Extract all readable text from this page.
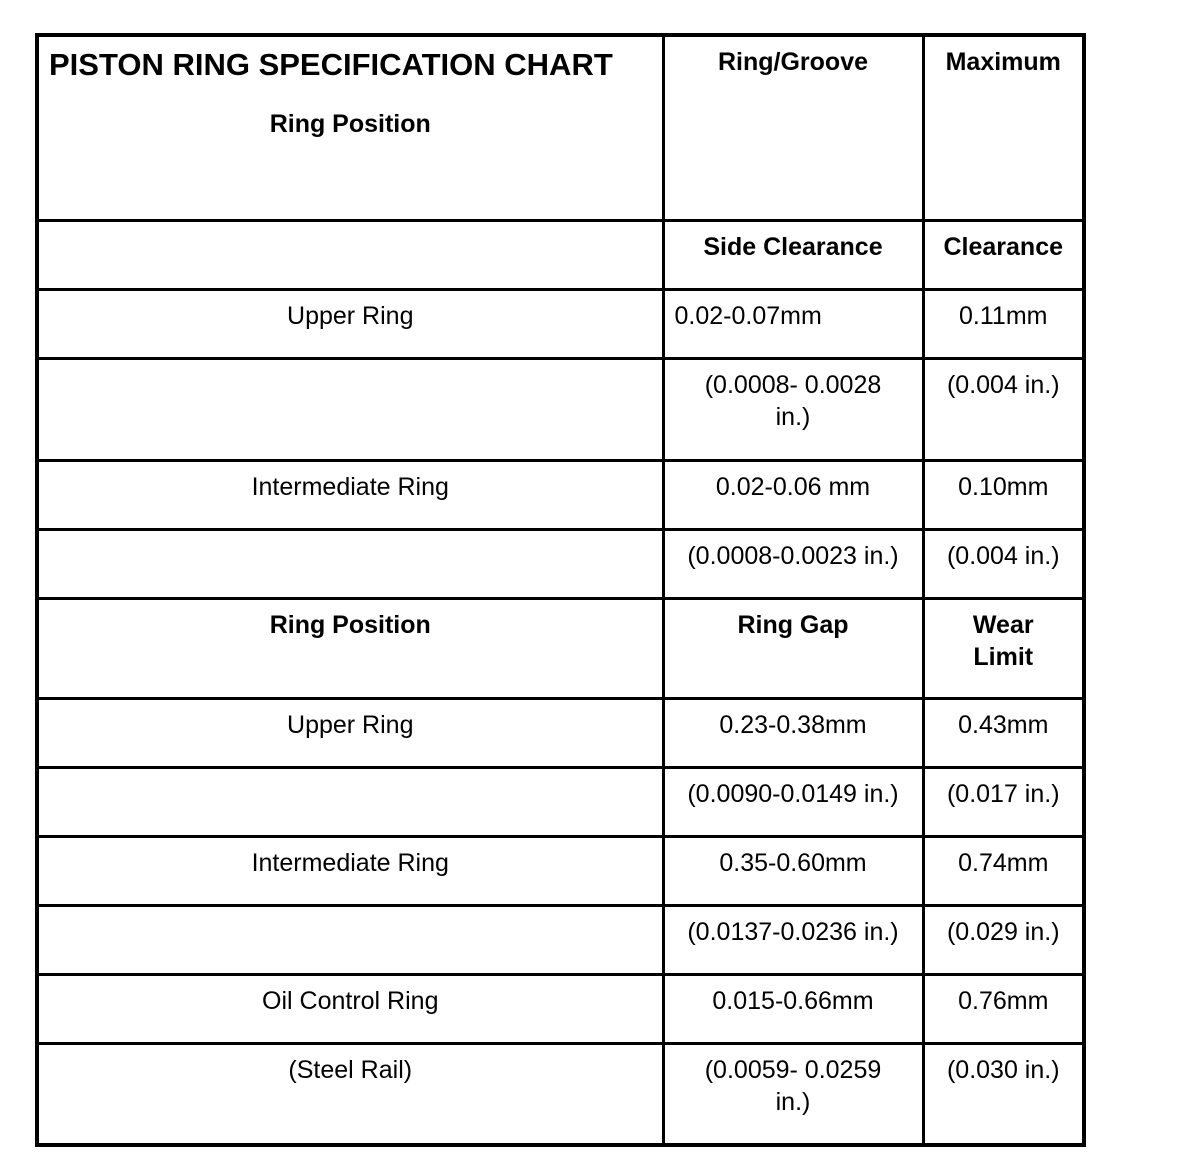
PISTON RING SPECIFICATION CHART
Ring Position	Ring/Groove	Maximum

	Side Clearance	Clearance

Upper Ring	0.02-0.07mm	0.11mm

	(0.0008- 0.0028 in.)	(0.004 in.)

Intermediate Ring	0.02-0.06 mm	0.10mm

	(0.0008-0.0023 in.)	(0.004 in.)

Ring Position	Ring Gap	Wear Limit

Upper Ring	0.23-0.38mm	0.43mm

	(0.0090-0.0149 in.)	(0.017 in.)

Intermediate Ring	0.35-0.60mm	0.74mm

	(0.0137-0.0236 in.)	(0.029 in.)

Oil Control Ring	0.015-0.66mm	0.76mm

(Steel Rail)	(0.0059- 0.0259 in.)	(0.030 in.)
